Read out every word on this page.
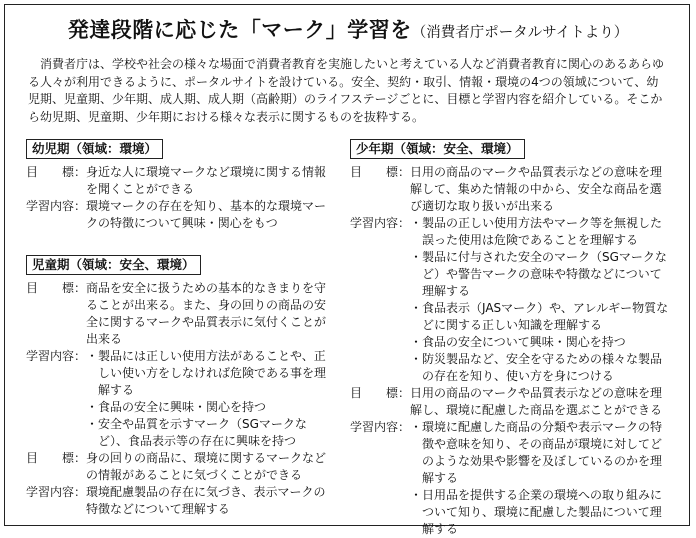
発達段階に応じた「マーク」学習を（消費者庁ポータルサイトより）
消費者庁は、学校や社会の様々な場面で消費者教育を実施したいと考えている人など消費者教育に関心のあるあらゆる人々が利用できるように、ポータルサイトを設けている。安全、契約・取引、情報・環境の4つの領域について、幼児期、児童期、少年期、成人期、成人期（高齢期）のライフステージごとに、目標と学習内容を紹介している。そこから幼児期、児童期、少年期における様々な表示に関するものを抜粋する。
幼児期（領域：環境）
目　　標： 身近な人に環境マークなど環境に関する情報を聞くことができる
学習内容： 環境マークの存在を知り、基本的な環境マークの特徴について興味・関心をもつ
児童期（領域：安全、環境）
目　　標： 商品を安全に扱うための基本的なきまりを守ることが出来る。また、身の回りの商品の安全に関するマークや品質表示に気付くことが出来る
学習内容： ・ 製品には正しい使用方法があることや、正しい使い方をしなければ危険である事を理解する
・ 食品の安全に興味・関心を持つ
・ 安全や品質を示すマーク（SGマークなど）、食品表示等の存在に興味を持つ
目　　標： 身の回りの商品に、環境に関するマークなどの情報があることに気づくことができる
学習内容： 環境配慮製品の存在に気づき、表示マークの特徴などについて理解する
少年期（領域：安全、環境）
目　　標： 日用の商品のマークや品質表示などの意味を理解して、集めた情報の中から、安全な商品を選び適切な取り扱いが出来る
学習内容： ・ 製品の正しい使用方法やマーク等を無視した誤った使用は危険であることを理解する
・ 製品に付与された安全のマーク（SGマークなど）や警告マークの意味や特徴などについて理解する
・ 食品表示（JASマーク）や、アレルギー物質などに関する正しい知識を理解する
・ 食品の安全について興味・関心を持つ
・ 防災製品など、安全を守るための様々な製品の存在を知り、使い方を身につける
目　　標： 日用の商品のマークや品質表示などの意味を理解し、環境に配慮した商品を選ぶことができる
学習内容： ・ 環境に配慮した商品の分類や表示マークの特徴や意味を知り、その商品が環境に対してどのような効果や影響を及ぼしているのかを理解する
・ 日用品を提供する企業の環境への取り組みについて知り、環境に配慮した製品について理解する
